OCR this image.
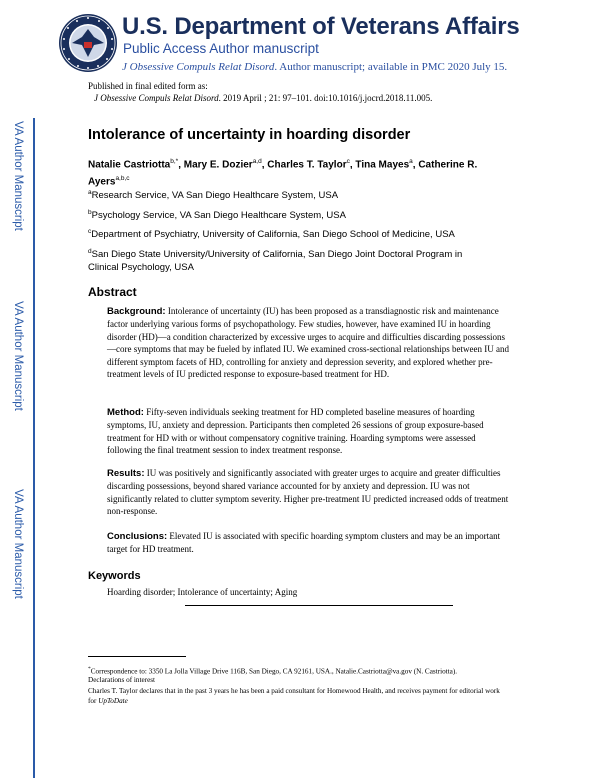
U.S. Department of Veterans Affairs
Public Access Author manuscript
J Obsessive Compuls Relat Disord. Author manuscript; available in PMC 2020 July 15.
Published in final edited form as:
J Obsessive Compuls Relat Disord. 2019 April ; 21: 97–101. doi:10.1016/j.jocrd.2018.11.005.
VA Author Manuscript
VA Author Manuscript
VA Author Manuscript
Intolerance of uncertainty in hoarding disorder
Natalie Castriotta$^{b,*}$, Mary E. Dozier$^{a,d}$, Charles T. Taylor$^c$, Tina Mayes$^a$, Catherine R. Ayers$^{a,b,c}$
$^a$Research Service, VA San Diego Healthcare System, USA
$^b$Psychology Service, VA San Diego Healthcare System, USA
$^c$Department of Psychiatry, University of California, San Diego School of Medicine, USA
$^d$San Diego State University/University of California, San Diego Joint Doctoral Program in Clinical Psychology, USA
Abstract
Background: Intolerance of uncertainty (IU) has been proposed as a transdiagnostic risk and maintenance factor underlying various forms of psychopathology. Few studies, however, have examined IU in hoarding disorder (HD)—a condition characterized by excessive urges to acquire and difficulties discarding possessions—core symptoms that may be fueled by inflated IU. We examined cross-sectional relationships between IU and different symptom facets of HD, controlling for anxiety and depression severity, and explored whether pre-treatment levels of IU predicted response to exposure-based treatment for HD.
Method: Fifty-seven individuals seeking treatment for HD completed baseline measures of hoarding symptoms, IU, anxiety and depression. Participants then completed 26 sessions of group exposure-based treatment for HD with or without compensatory cognitive training. Hoarding symptoms were assessed following the final treatment session to index treatment response.
Results: IU was positively and significantly associated with greater urges to acquire and greater difficulties discarding possessions, beyond shared variance accounted for by anxiety and depression. IU was not significantly related to clutter symptom severity. Higher pre-treatment IU predicted increased odds of treatment non-response.
Conclusions: Elevated IU is associated with specific hoarding symptom clusters and may be an important target for HD treatment.
Keywords
Hoarding disorder; Intolerance of uncertainty; Aging
*Correspondence to: 3350 La Jolla Village Drive 116B, San Diego, CA 92161, USA., Natalie.Castriotta@va.gov (N. Castriotta).
Declarations of interest
Charles T. Taylor declares that in the past 3 years he has been a paid consultant for Homewood Health, and receives payment for editorial work for UpToDate
